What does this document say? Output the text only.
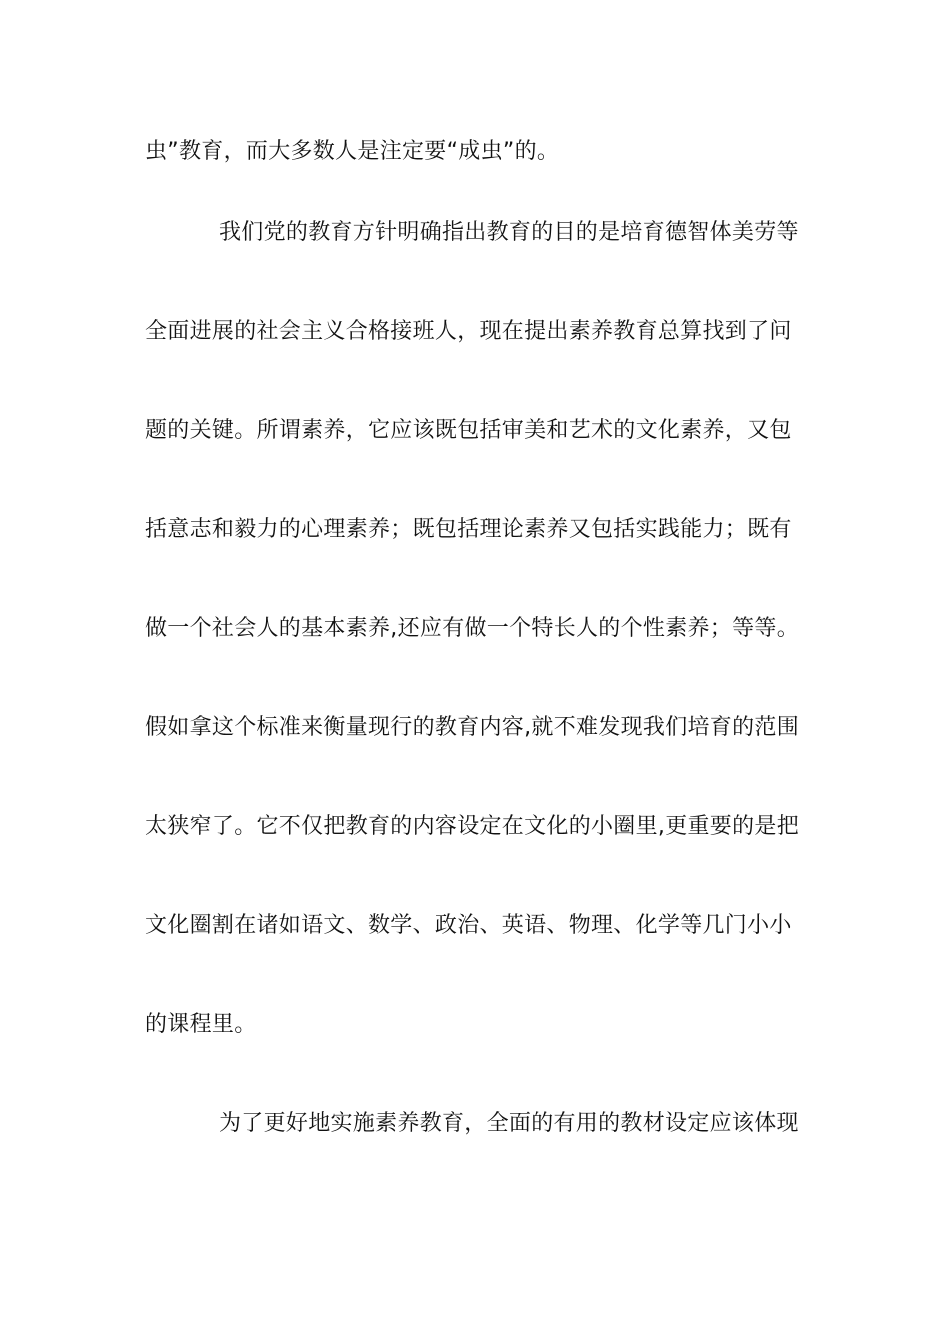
虫”教育，而大多数人是注定要“成虫”的。
我们党的教育方针明确指出教育的目的是培育德智体美劳等
全面进展的社会主义合格接班人，现在提出素养教育总算找到了问
题的关键。所谓素养，它应该既包括审美和艺术的文化素养，又包
括意志和毅力的心理素养；既包括理论素养又包括实践能力；既有
做一个社会人的基本素养,还应有做一个特长人的个性素养；等等。
假如拿这个标准来衡量现行的教育内容,就不难发现我们培育的范围
太狭窄了。它不仅把教育的内容设定在文化的小圈里,更重要的是把
文化圈割在诸如语文、数学、政治、英语、物理、化学等几门小小
的课程里。
为了更好地实施素养教育，全面的有用的教材设定应该体现
